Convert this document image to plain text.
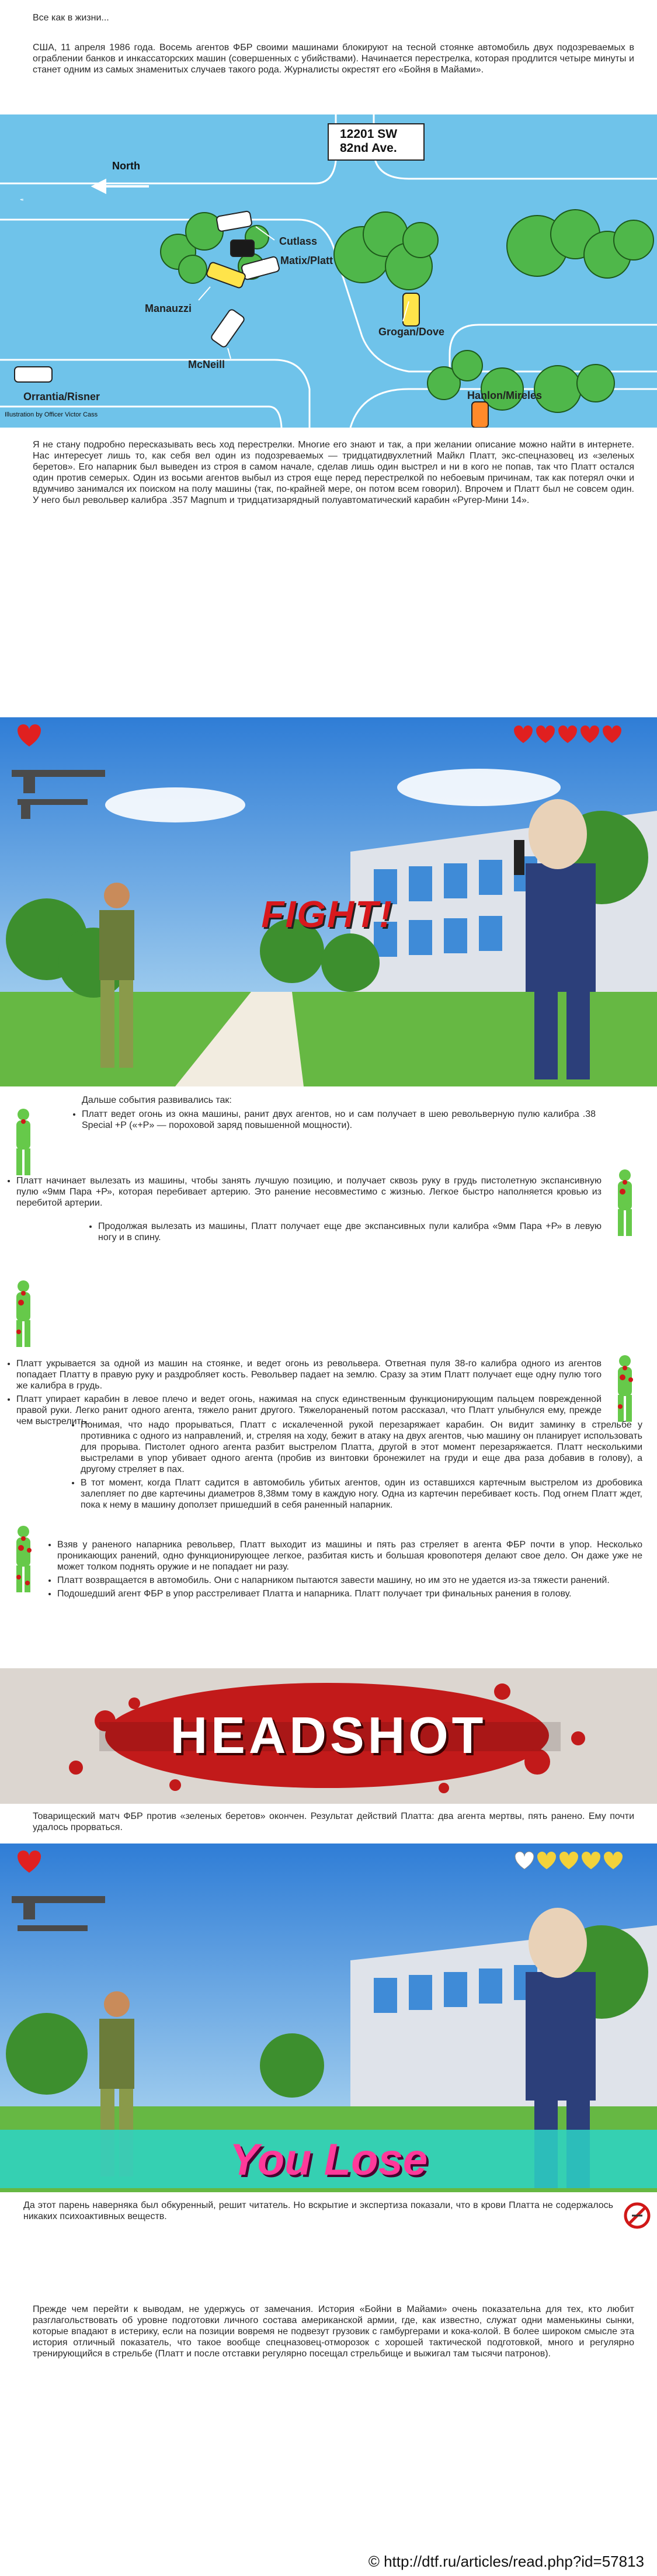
Все как в жизни...
США, 11 апреля 1986 года. Восемь агентов ФБР своими машинами блокируют на тесной стоянке автомобиль двух подозреваемых в ограблении банков и инкассаторских машин (совершенных с убийствами). Начинается перестрелка, которая продлится четыре минуты и станет одним из самых знаменитых случаев такого рода. Журналисты окрестят его «Бойня в Майами».
12201 SW
82nd Ave.
North
Cutlass
Matix/Platt
Manauzzi
McNeill
Grogan/Dove
Orrantia/Risner	Hanlon/Mireles
Illustration by Officer Victor Cass
Я не стану подробно пересказывать весь ход перестрелки. Многие его знают и так, а при желании описание можно найти в интернете. Нас интересует лишь то, как себя вел один из подозреваемых — тридцатидвухлетний Майкл Платт, экс-спецназовец из «зеленых беретов». Его напарник был выведен из строя в самом начале, сделав лишь один выстрел и ни в кого не попав, так что Платт остался один против семерых. Один из восьми агентов выбыл из строя еще перед перестрелкой по небоевым причинам, так как потерял очки и вдумчиво занимался их поиском на полу машины (так, по-крайней мере, он потом всем говорил). Впрочем и Платт был не совсем один. У него был револьвер калибра .357 Magnum и тридцатизарядный полуавтоматический карабин «Ругер-Мини 14».
FIGHT!
Дальше события развивались так:
• Платт ведет огонь из окна машины, ранит двух агентов, но и сам получает в шею револьверную пулю калибра .38 Special +P («+P» — пороховой заряд повышенной мощности).
• Платт начинает вылезать из машины, чтобы занять лучшую позицию, и получает сквозь руку в грудь пистолетную экспансивную пулю «9мм Пара +Р», которая перебивает артерию. Это ранение несовместимо с жизнью. Легкое быстро наполняется кровью из перебитой артерии.
• Продолжая вылезать из машины, Платт получает еще две экспансивных пули калибра «9мм Пара +Р» в левую ногу и в спину.
• Платт укрывается за одной из машин на стоянке, и ведет огонь из револьвера. Ответная пуля 38-го калибра одного из агентов попадает Платту в правую руку и раздробляет кость. Револьвер падает на землю. Сразу за этим Платт получает еще одну пулю того же калибра в грудь.
• Платт упирает карабин в левое плечо и ведет огонь, нажимая на спуск единственным функционирующим пальцем поврежденной правой руки. Легко ранит одного агента, тяжело ранит другого. Тяжелораненый потом рассказал, что Платт улыбнулся ему, прежде чем выстрелить.
• Понимая, что надо прорываться, Платт с искалеченной рукой перезаряжает карабин. Он видит заминку в стрельбе у противника с одного из направлений, и, стреляя на ходу, бежит в атаку на двух агентов, чью машину он планирует использовать для прорыва. Пистолет одного агента разбит выстрелом Платта, другой в этот момент перезаряжается. Платт несколькими выстрелами в упор убивает одного агента (пробив из винтовки бронежилет на груди и еще два раза добавив в голову), а другому стреляет в пах.
• В тот момент, когда Платт садится в автомобиль убитых агентов, один из оставшихся картечным выстрелом из дробовика залепляет по две картечины диаметров 8,38мм тому в каждую ногу. Одна из картечин перебивает кость. Под огнем Платт ждет, пока к нему в машину доползет пришедший в себя раненный напарник.
• Взяв у раненого напарника револьвер, Платт выходит из машины и пять раз стреляет в агента ФБР почти в упор. Несколько проникающих ранений, одно функционирующее легкое, разбитая кисть и большая кровопотеря делают свое дело. Он даже уже не может толком поднять оружие и не попадает ни разу.
• Платт возвращается в автомобиль. Они с напарником пытаются завести машину, но им это не удается из-за тяжести ранений.
• Подошедший агент ФБР в упор расстреливает Платта и напарника. Платт получает три финальных ранения в голову.
HEADSHOT
Товарищеский матч ФБР против «зеленых беретов» окончен. Результат действий Платта: два агента мертвы, пять ранено. Ему почти удалось прорваться.
You Lose
Да этот парень наверняка был обкуренный, решит читатель. Но вскрытие и экспертиза показали, что в крови Платта не содержалось никаких психоактивных веществ.
Прежде чем перейти к выводам, не удержусь от замечания. История «Бойни в Майами» очень показательна для тех, кто любит разглагольствовать об уровне подготовки личного состава американской армии, где, как известно, служат одни маменькины сынки, которые впадают в истерику, если на позиции вовремя не подвезут грузовик с гамбургерами и кока-колой. В более широком смысле эта история отличный показатель, что такое вообще спецназовец-отморозок с хорошей тактической подготовкой, много и регулярно тренирующийся в стрельбе (Платт и после отставки регулярно посещал стрельбище и выжигал там тысячи патронов).
© http://dtf.ru/articles/read.php?id=57813
